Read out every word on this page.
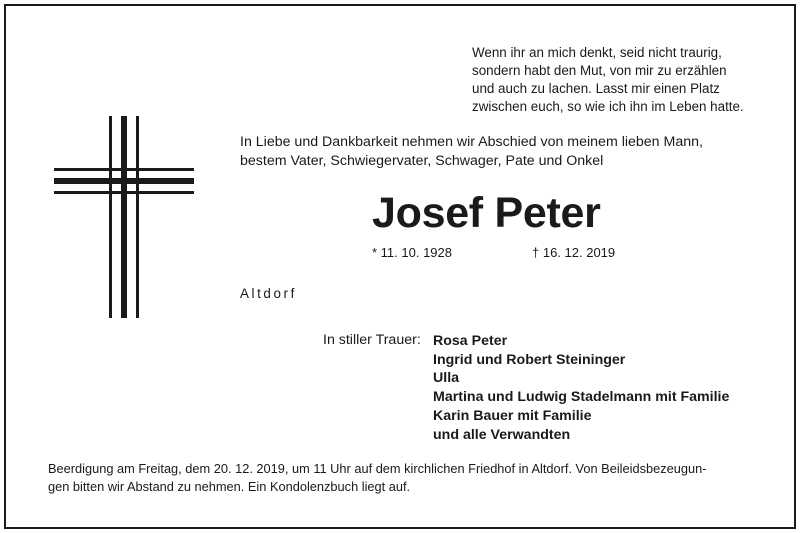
Wenn ihr an mich denkt, seid nicht traurig,
sondern habt den Mut, von mir zu erzählen
und auch zu lachen. Lasst mir einen Platz
zwischen euch, so wie ich ihn im Leben hatte.
In Liebe und Dankbarkeit nehmen wir Abschied von meinem lieben Mann,
bestem Vater, Schwiegervater, Schwager, Pate und Onkel
Josef Peter
* 11. 10. 1928	† 16. 12. 2019
Altdorf
In stiller Trauer: Rosa Peter
Ingrid und Robert Steininger
Ulla
Martina und Ludwig Stadelmann mit Familie
Karin Bauer mit Familie
und alle Verwandten
Beerdigung am Freitag, dem 20. 12. 2019, um 11 Uhr auf dem kirchlichen Friedhof in Altdorf. Von Beileidsbezeugun-
gen bitten wir Abstand zu nehmen. Ein Kondolenzbuch liegt auf.
